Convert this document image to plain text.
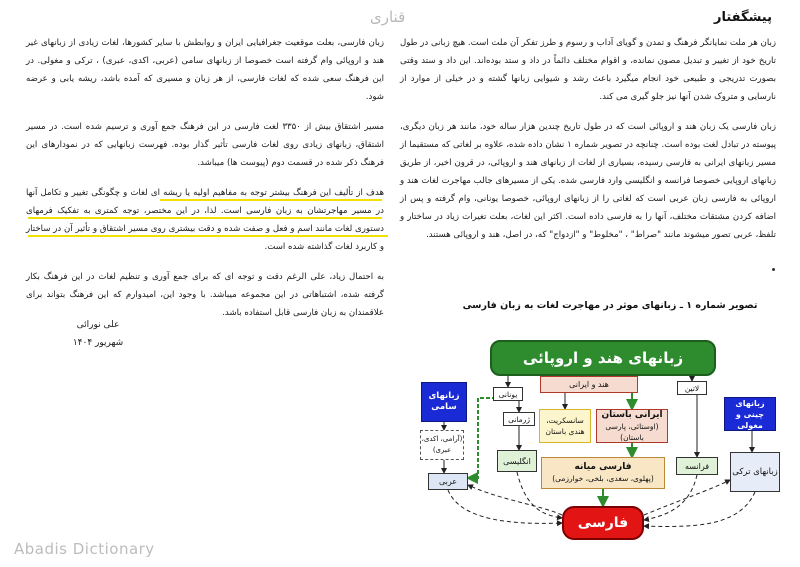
قناری	پیشگفتار

زبان فارسی، بعلت موقعیت جغرافیایی ایران و روابطش با سایر کشورها، لغات زیادی از زبانهای غیر هند و اروپائی وام گرفته است خصوصا از زبانهای سامی (عربی، اکدی، عبری) ، ترکی و مغولی. در این فرهنگ سعی شده که لغات فارسی، از هر زبان و مسیری که آمده باشد، ریشه یابی و عرضه شود.

مسیر اشتقاق بیش از ۳۳۵۰ لغت فارسی در این فرهنگ جمع آوری و ترسیم شده است. در مسیر اشتقاق، زبانهای زیادی روی لغات فارسی تأثیر گذار بوده. فهرست زبانهایی که در نمودارهای این فرهنگ ذکر شده در قسمت دوم (پیوست ها) میباشد.

هدف از تألیف این فرهنگ بیشتر توجه به مفاهیم اولیه یا ریشه ای لغات و چگونگی تغییر و تکامل آنها در مسیر مهاجرتشان به زبان فارسی است. لذا، در این مختصر، توجه کمتری به تفکیک فرمهای دستوری لغات مانند اسم و فعل و صفت شده و دقت بیشتری روی مسیر اشتقاق و تأثیر آن در ساختار و کاربرد لغات گذاشته شده است.

به احتمال زیاد، علی الرغم دقت و توجه ای که برای جمع آوری و تنظیم لغات در این فرهنگ بکار گرفته شده، اشتباهاتی در این مجموعه میباشد. با وجود این، امیدوارم که این فرهنگ بتواند برای علاقمندان به زبان فارسی قابل استفاده باشد.

علی نورائی
شهریور ۱۴۰۴

زبان هر ملت نمایانگر فرهنگ و تمدن و گویای آداب و رسوم و طرز تفکر آن ملت است. هیچ زبانی در طول تاریخ خود از تغییر و تبدیل مصون نمانده، و اقوام مختلف دائماً در داد و ستد بوده‌اند. این داد و ستد وقتی بصورت تدریجی و طبیعی خود انجام میگیرد باعث رشد و شیوایی زبانها گشته و در خیلی از موارد از نارسایی و متروک شدن آنها نیز جلو گیری می کند.

زبان فارسی یک زبان هند و اروپائی است که در طول تاریخ چندین هزار ساله خود، مانند هر زبان دیگری، پیوسته در تبادل لغت بوده است. چنانچه در تصویر شماره ۱ نشان داده شده، علاوه بر لغاتی که مستقیما از مسیر زبانهای ایرانی به فارسی رسیده، بسیاری از لغات از زبانهای هند و اروپائی، در قرون اخیر، از طریق زبانهای اروپایی خصوصا فرانسه و انگلیسی وارد فارسی شده. یکی از مسیرهای جالب مهاجرت لغات هند و اروپائی به فارسی زبان عربی است که لغاتی را از زبانهای اروپائی، خصوصا یونانی، وام گرفته و پس از اضافه کردن مشتقات مختلف، آنها را به فارسی داده است. اکثر این لغات، بعلت تغیرات زیاد در ساختار و تلفظ، عربی تصور میشوند مانند "صراط" ، "مخلوط" و "ازدواج" که، در اصل، هند و اروپائی هستند.

تصویر شماره ۱ ـ زبانهای موثر در مهاجرت لغات به زبان فارسی
زبانهای هند و اروپائی
هند و ایرانی	لاتین
یونانی
زبانهای سامی	زبانهای چینی و مغولی
زبانهای ترکی
سانسکریت، هندی باستان
ایرانی باستان
(اوستائی، پارسی باستان)
ژرمانی
انگلیسی
فرانسه
فارسی میانه
(پهلوی، سغدی، بلخی، خوارزمی)
(آرامی، اکدی، عبری)
عربی
فارسی
Abadis Dictionary
